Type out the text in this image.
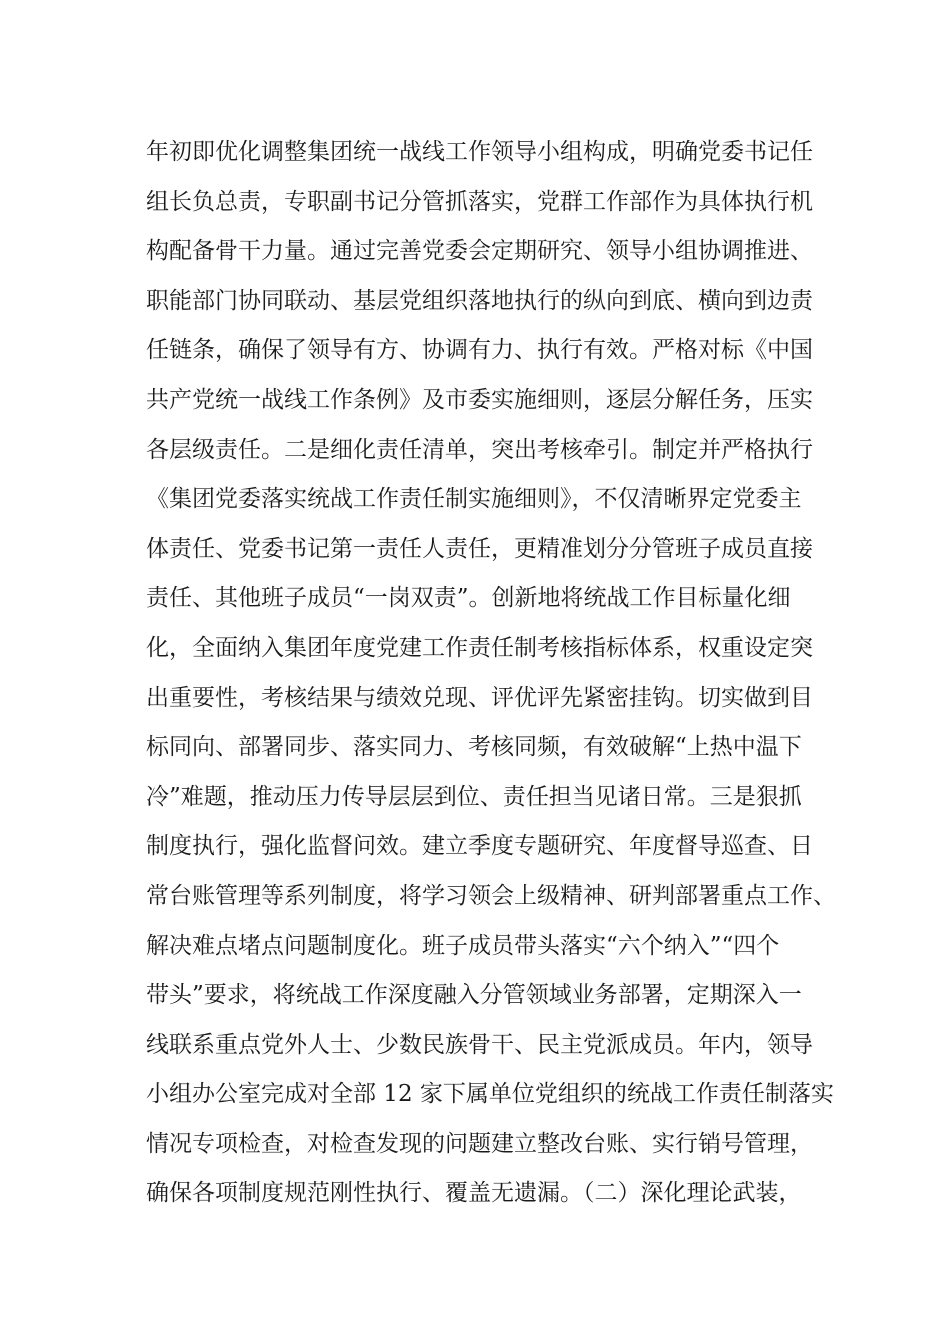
年初即优化调整集团统一战线工作领导小组构成，明确党委书记任
组长负总责，专职副书记分管抓落实，党群工作部作为具体执行机
构配备骨干力量。通过完善党委会定期研究、领导小组协调推进、
职能部门协同联动、基层党组织落地执行的纵向到底、横向到边责
任链条，确保了领导有方、协调有力、执行有效。严格对标《中国
共产党统一战线工作条例》及市委实施细则，逐层分解任务，压实
各层级责任。二是细化责任清单，突出考核牵引。制定并严格执行
《集团党委落实统战工作责任制实施细则》，不仅清晰界定党委主
体责任、党委书记第一责任人责任，更精准划分分管班子成员直接
责任、其他班子成员“一岗双责”。创新地将统战工作目标量化细
化，全面纳入集团年度党建工作责任制考核指标体系，权重设定突
出重要性，考核结果与绩效兑现、评优评先紧密挂钩。切实做到目
标同向、部署同步、落实同力、考核同频，有效破解“上热中温下
冷”难题，推动压力传导层层到位、责任担当见诸日常。三是狠抓
制度执行，强化监督问效。建立季度专题研究、年度督导巡查、日
常台账管理等系列制度，将学习领会上级精神、研判部署重点工作、
解决难点堵点问题制度化。班子成员带头落实“六个纳入”“四个
带头”要求，将统战工作深度融入分管领域业务部署，定期深入一
线联系重点党外人士、少数民族骨干、民主党派成员。年内，领导
小组办公室完成对全部 12 家下属单位党组织的统战工作责任制落实
情况专项检查，对检查发现的问题建立整改台账、实行销号管理，
确保各项制度规范刚性执行、覆盖无遗漏。（二）深化理论武装，
